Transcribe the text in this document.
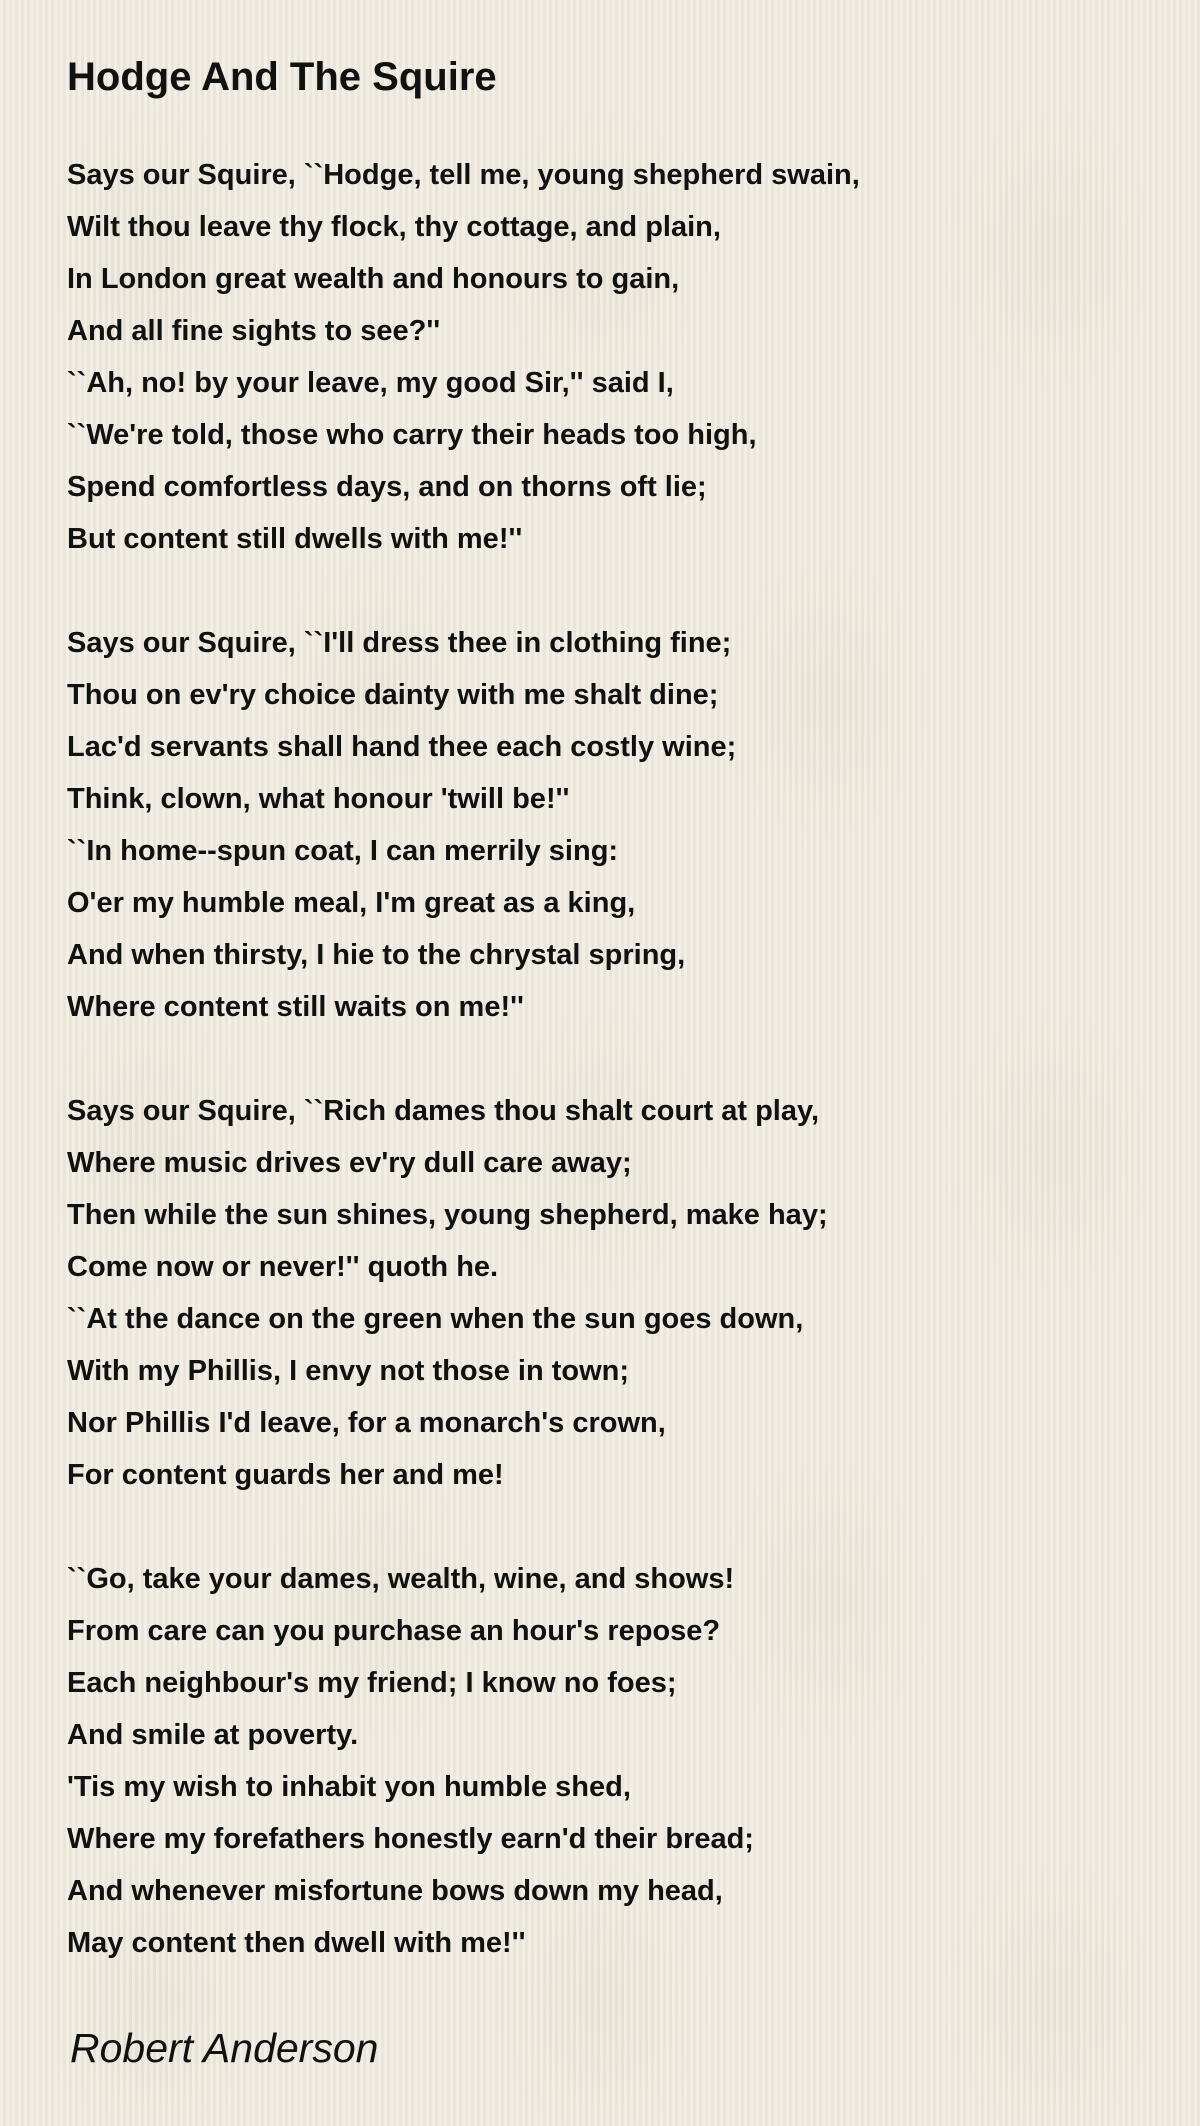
Hodge And The Squire
Says our Squire, ``Hodge, tell me, young shepherd swain,
Wilt thou leave thy flock, thy cottage, and plain,
In London great wealth and honours to gain,
And all fine sights to see?''
``Ah, no! by your leave, my good Sir,'' said I,
``We're told, those who carry their heads too high,
Spend comfortless days, and on thorns oft lie;
But content still dwells with me!''
Says our Squire, ``I'll dress thee in clothing fine;
Thou on ev'ry choice dainty with me shalt dine;
Lac'd servants shall hand thee each costly wine;
Think, clown, what honour 'twill be!''
``In home--spun coat, I can merrily sing:
O'er my humble meal, I'm great as a king,
And when thirsty, I hie to the chrystal spring,
Where content still waits on me!''
Says our Squire, ``Rich dames thou shalt court at play,
Where music drives ev'ry dull care away;
Then while the sun shines, young shepherd, make hay;
Come now or never!'' quoth he.
``At the dance on the green when the sun goes down,
With my Phillis, I envy not those in town;
Nor Phillis I'd leave, for a monarch's crown,
For content guards her and me!
``Go, take your dames, wealth, wine, and shows!
From care can you purchase an hour's repose?
Each neighbour's my friend; I know no foes;
And smile at poverty.
'Tis my wish to inhabit yon humble shed,
Where my forefathers honestly earn'd their bread;
And whenever misfortune bows down my head,
May content then dwell with me!''
Robert Anderson
